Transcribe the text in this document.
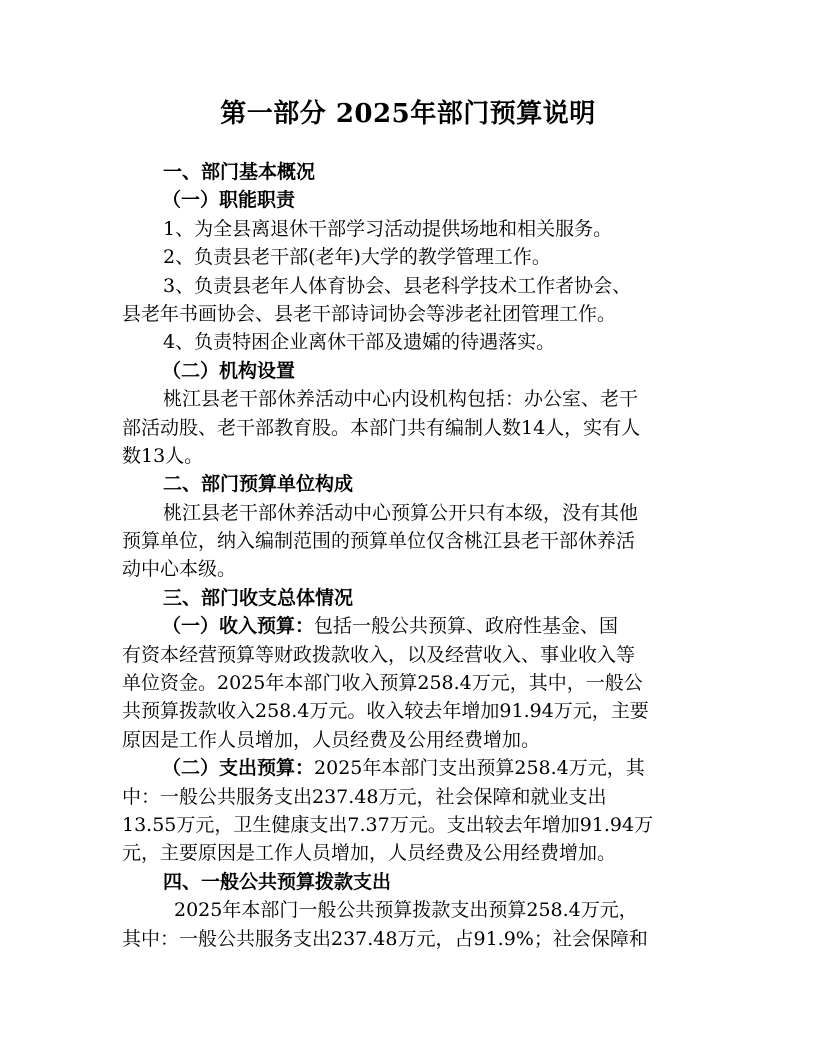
第一部分 2025年部门预算说明
一、部门基本概况
（一）职能职责
1、为全县离退休干部学习活动提供场地和相关服务。
2、负责县老干部(老年)大学的教学管理工作。
3、负责县老年人体育协会、县老科学技术工作者协会、
县老年书画协会、县老干部诗词协会等涉老社团管理工作。
4、负责特困企业离休干部及遗孀的待遇落实。
（二）机构设置
桃江县老干部休养活动中心内设机构包括：办公室、老干
部活动股、老干部教育股。本部门共有编制人数14人，实有人
数13人。
二、部门预算单位构成
桃江县老干部休养活动中心预算公开只有本级，没有其他
预算单位，纳入编制范围的预算单位仅含桃江县老干部休养活
动中心本级。
三、部门收支总体情况
（一）收入预算：包括一般公共预算、政府性基金、国
有资本经营预算等财政拨款收入，以及经营收入、事业收入等
单位资金。2025年本部门收入预算258.4万元，其中，一般公
共预算拨款收入258.4万元。收入较去年增加91.94万元，主要
原因是工作人员增加，人员经费及公用经费增加。
（二）支出预算：2025年本部门支出预算258.4万元，其
中：一般公共服务支出237.48万元，社会保障和就业支出
13.55万元，卫生健康支出7.37万元。支出较去年增加91.94万
元，主要原因是工作人员增加，人员经费及公用经费增加。
四、一般公共预算拨款支出
2025年本部门一般公共预算拨款支出预算258.4万元，
其中：一般公共服务支出237.48万元，占91.9%；社会保障和
